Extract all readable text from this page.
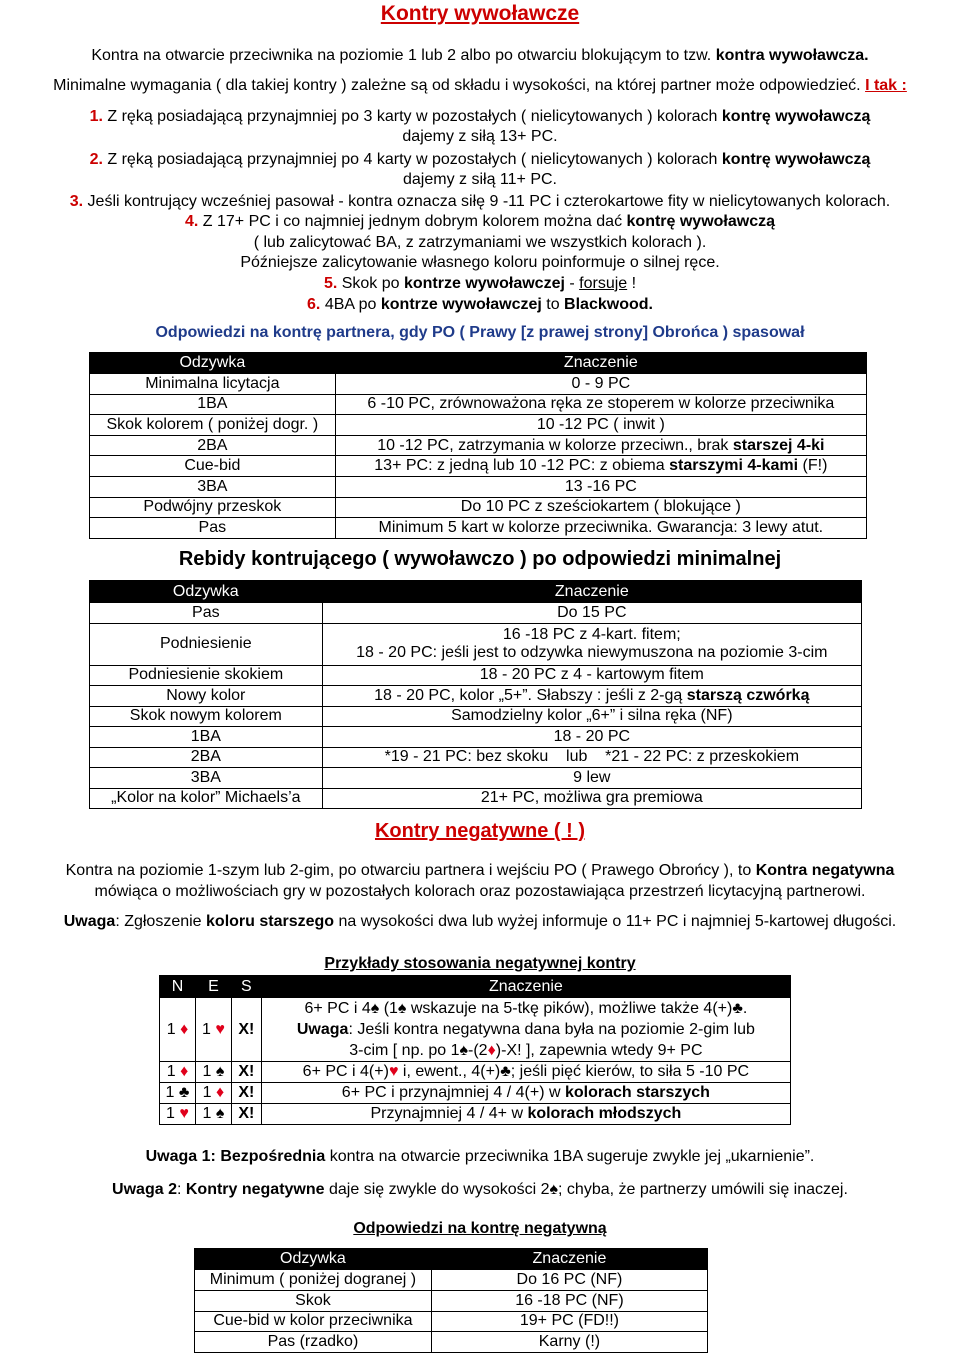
Kontry wywoławcze
Kontra na otwarcie przeciwnika na poziomie 1 lub 2 albo po otwarciu blokującym to tzw. kontra wywoławcza.
Minimalne wymagania ( dla takiej kontry ) zależne są od składu i wysokości, na której partner może odpowiedzieć. I tak :
1. Z ręką posiadającą przynajmniej po 3 karty w pozostałych ( nielicytowanych ) kolorach kontrę wywoławczą
dajemy z siłą 13+ PC.
2. Z ręką posiadającą przynajmniej po 4 karty w pozostałych ( nielicytowanych ) kolorach kontrę wywoławczą
dajemy z siłą 11+ PC.
3. Jeśli kontrujący wcześniej pasował - kontra oznacza siłę 9 -11 PC i czterokartowe fity w nielicytowanych kolorach.
4. Z 17+ PC i co najmniej jednym dobrym kolorem można dać kontrę wywoławczą
( lub zalicytować BA, z zatrzymaniami we wszystkich kolorach ).
Późniejsze zalicytowanie własnego koloru poinformuje o silnej ręce.
5. Skok po kontrze wywoławczej - forsuje !
6. 4BA po kontrze wywoławczej to Blackwood.
Odpowiedzi na kontrę partnera, gdy PO ( Prawy [z prawej strony] Obrońca ) spasował
Odzywka	Znaczenie
Minimalna licytacja	0 - 9 PC
1BA	6 -10 PC, zrównoważona ręka ze stoperem w kolorze przeciwnika
Skok kolorem ( poniżej dogr. )	10 -12 PC ( inwit )
2BA	10 -12 PC, zatrzymania w kolorze przeciwn., brak starszej 4-ki
Cue-bid	13+ PC: z jedną lub 10 -12 PC: z obiema starszymi 4-kami (F!)
3BA	13 -16 PC
Podwójny przeskok	Do 10 PC z sześciokartem ( blokujące )
Pas	Minimum 5 kart w kolorze przeciwnika. Gwarancja: 3 lewy atut.
Rebidy kontrującego ( wywoławczo ) po odpowiedzi minimalnej
Odzywka	Znaczenie
Pas	Do 15 PC
Podniesienie	16 -18 PC z 4-kart. fitem;
18 - 20 PC: jeśli jest to odzywka niewymuszona na poziomie 3-cim

Podniesienie skokiem	18 - 20 PC z 4 - kartowym fitem
Nowy kolor	18 - 20 PC, kolor „5+”. Słabszy : jeśli z 2-gą starszą czwórką
Skok nowym kolorem	Samodzielny kolor „6+” i silna ręka (NF)
1BA	18 - 20 PC
2BA	*19 - 21 PC: bez skoku    lub    *21 - 22 PC: z przeskokiem
3BA	9 lew
„Kolor na kolor” Michaels’a	21+ PC, możliwa gra premiowa
Kontry negatywne ( ! )
Kontra na poziomie 1-szym lub 2-gim, po otwarciu partnera i wejściu PO ( Prawego Obrońcy ), to Kontra negatywna
mówiąca o możliwościach gry w pozostałych kolorach oraz pozostawiająca przestrzeń licytacyjną partnerowi.
Uwaga: Zgłoszenie koloru starszego na wysokości dwa lub wyżej informuje o 11+ PC i najmniej 5-kartowej długości.
Przykłady stosowania negatywnej kontry
N	E	S	Znaczenie
1 ♦	1 ♥	X!	6+ PC i 4♠ (1♠ wskazuje na 5-tkę pików), możliwe także 4(+)♣.
Uwaga: Jeśli kontra negatywna dana była na poziomie 2-gim lub
3-cim [ np. po 1♠-(2♦)-X! ], zapewnia wtedy 9+ PC

1 ♦	1 ♠	X!	6+ PC i 4(+)♥ i, ewent., 4(+)♣; jeśli pięć kierów, to siła 5 -10 PC
1 ♣	1 ♦	X!	6+ PC i przynajmniej 4 / 4(+) w kolorach starszych
1 ♥	1 ♠	X!	Przynajmniej 4 / 4+ w kolorach młodszych
Uwaga 1: Bezpośrednia kontra na otwarcie przeciwnika 1BA sugeruje zwykle jej „ukarnienie”.
Uwaga 2: Kontry negatywne daje się zwykle do wysokości 2♠; chyba, że partnerzy umówili się inaczej.
Odpowiedzi na kontrę negatywną
Odzywka	Znaczenie
Minimum ( poniżej dogranej )	Do 16 PC (NF)
Skok	16 -18 PC (NF)
Cue-bid w kolor przeciwnika	19+ PC (FD!!)
Pas (rzadko)	Karny (!)
